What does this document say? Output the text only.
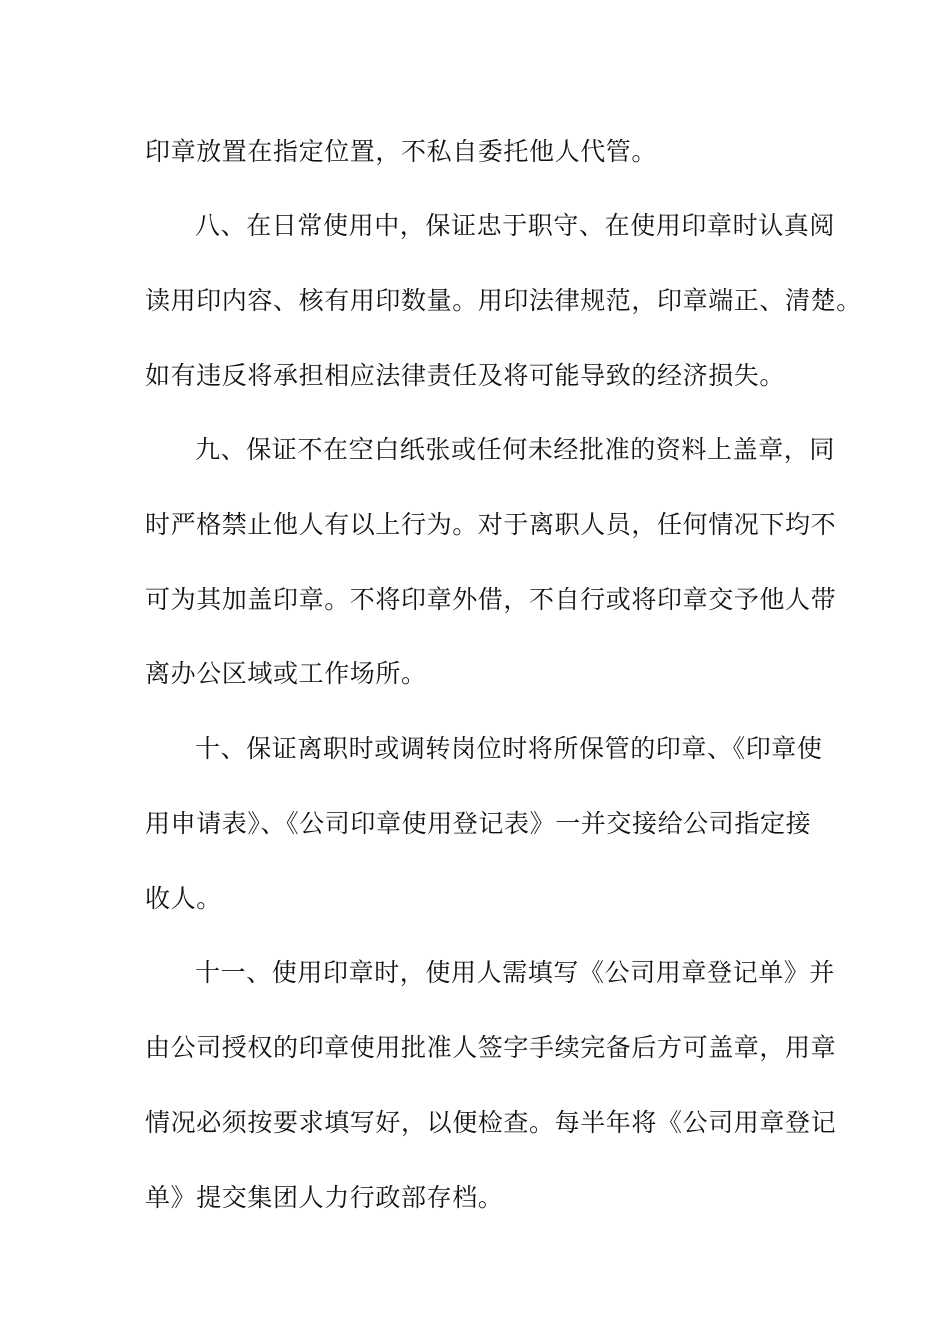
印章放置在指定位置，不私自委托他人代管。
八、在日常使用中，保证忠于职守、在使用印章时认真阅
读用印内容、核有用印数量。用印法律规范，印章端正、清楚。
如有违反将承担相应法律责任及将可能导致的经济损失。
九、保证不在空白纸张或任何未经批准的资料上盖章，同
时严格禁止他人有以上行为。对于离职人员，任何情况下均不
可为其加盖印章。不将印章外借，不自行或将印章交予他人带
离办公区域或工作场所。
十、保证离职时或调转岗位时将所保管的印章、《印章使
用申请表》、《公司印章使用登记表》一并交接给公司指定接
收人。
十一、使用印章时，使用人需填写《公司用章登记单》并
由公司授权的印章使用批准人签字手续完备后方可盖章，用章
情况必须按要求填写好，以便检查。每半年将《公司用章登记
单》提交集团人力行政部存档。
